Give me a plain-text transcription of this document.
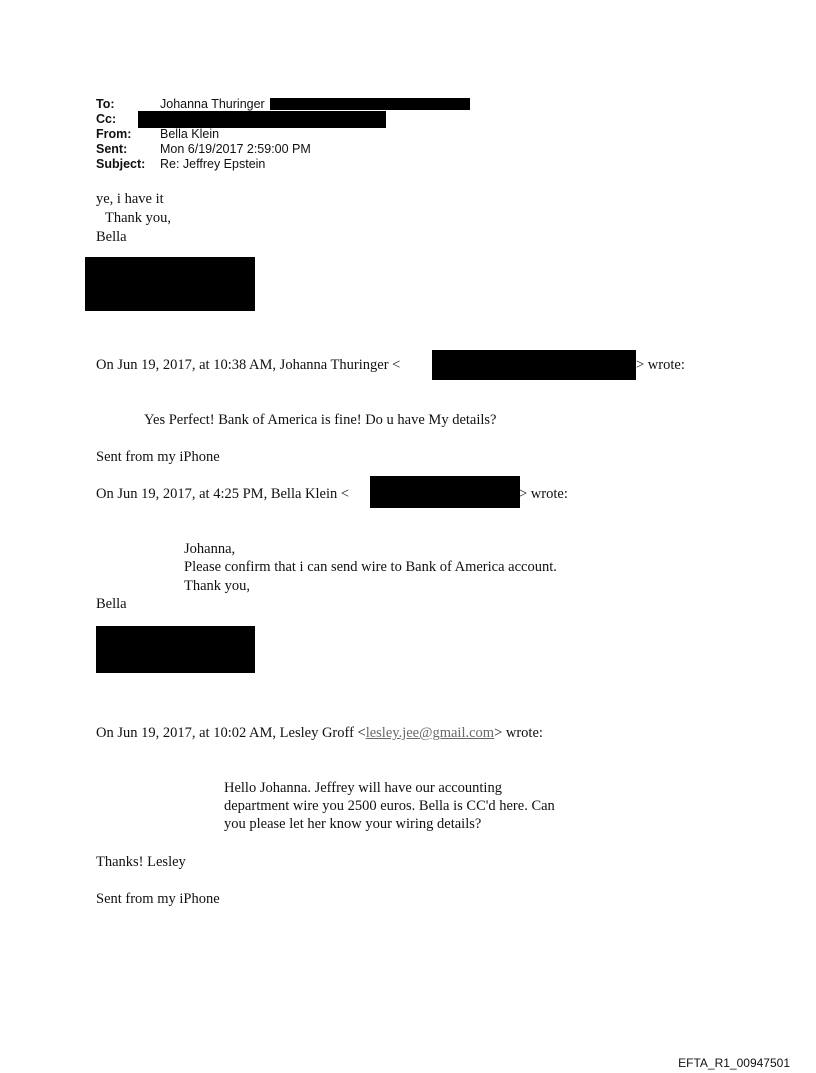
To:	Johanna Thuringer
Cc:
From: Bella Klein
Sent:	Mon 6/19/2017 2:59:00 PM
Subject: Re: Jeffrey Epstein
ye, i have it
Thank you,
Bella
On Jun 19, 2017, at 10:38 AM, Johanna Thuringer <	> wrote:
Yes Perfect! Bank of America is fine! Do u have My details?
Sent from my iPhone
On Jun 19, 2017, at 4:25 PM, Bella Klein <	> wrote:
Johanna,
Please confirm that i can send wire to Bank of America account.
Thank you,
Bella
On Jun 19, 2017, at 10:02 AM, Lesley Groff <lesley.jee@gmail.com> wrote:
Hello Johanna. Jeffrey will have our accounting
department wire you 2500 euros. Bella is CC'd here. Can
you please let her know your wiring details?
Thanks! Lesley
Sent from my iPhone
EFTA_R1_00947501
